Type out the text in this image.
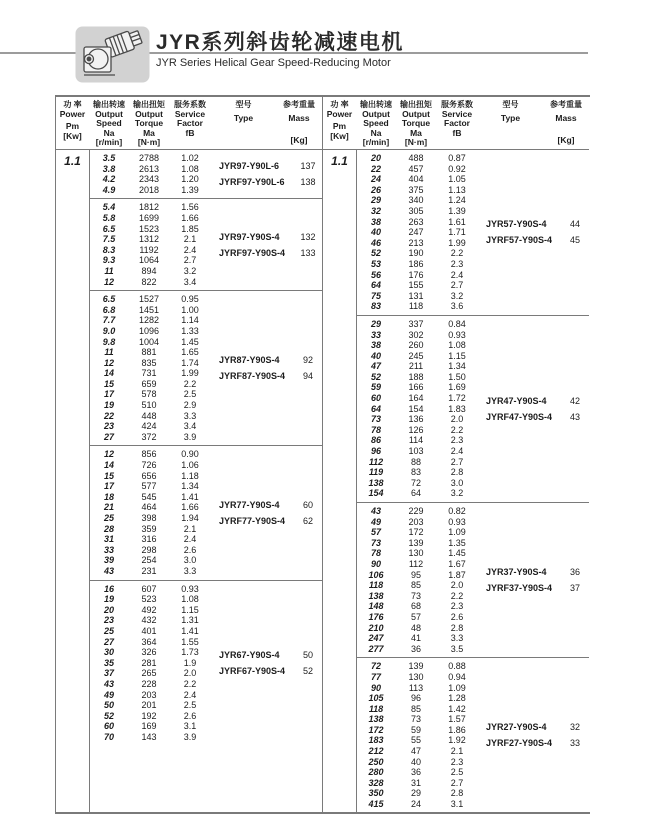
JYR系列斜齿轮减速电机
JYR Series Helical Gear Speed-Reducing Motor
功 率
Power
Pm
[Kw]
输出转速
Output
Speed
Na
[r/min]
输出扭矩
Output
Torque
Ma
[N·m]
服务系数
Service
Factor
fB
型号
Type
参考重量
Mass
[Kg]
1.1	3.5	2788	1.02
3.8	2613	1.08
4.2	2343	1.20
4.9	2018	1.39
JYR97-Y90L-6	137
JYRF97-Y90L-6	138
5.4	1812	1.56
5.8	1699	1.66
6.5	1523	1.85
7.5	1312	2.1
8.3	1192	2.4
9.3	1064	2.7
11	894	3.2
12	822	3.4
JYR97-Y90S-4	132
JYRF97-Y90S-4	133
6.5	1527	0.95
6.8	1451	1.00
7.7	1282	1.14
9.0	1096	1.33
9.8	1004	1.45
11	881	1.65
12	835	1.74
14	731	1.99
15	659	2.2
17	578	2.5
19	510	2.9
22	448	3.3
23	424	3.4
27	372	3.9
JYR87-Y90S-4	92
JYRF87-Y90S-4	94
12	856	0.90
14	726	1.06
15	656	1.18
17	577	1.34
18	545	1.41
21	464	1.66
25	398	1.94
28	359	2.1
31	316	2.4
33	298	2.6
39	254	3.0
43	231	3.3
JYR77-Y90S-4	60
JYRF77-Y90S-4	62
16	607	0.93
19	523	1.08
20	492	1.15
23	432	1.31
25	401	1.41
27	364	1.55
30	326	1.73
35	281	1.9
37	265	2.0
43	228	2.2
49	203	2.4
50	201	2.5
52	192	2.6
60	169	3.1
70	143	3.9
JYR67-Y90S-4	50
JYRF67-Y90S-4	52
功 率
Power
Pm
[Kw]
输出转速
Output
Speed
Na
[r/min]
输出扭矩
Output
Torque
Ma
[N·m]
服务系数
Service
Factor
fB
型号
Type
参考重量
Mass
[Kg]
1.1	20	488	0.87
22	457	0.92
24	404	1.05
26	375	1.13
29	340	1.24
32	305	1.39
38	263	1.61
40	247	1.71
46	213	1.99
52	190	2.2
53	186	2.3
56	176	2.4
64	155	2.7
75	131	3.2
83	118	3.6
JYR57-Y90S-4	44
JYRF57-Y90S-4	45
29	337	0.84
33	302	0.93
38	260	1.08
40	245	1.15
47	211	1.34
52	188	1.50
59	166	1.69
60	164	1.72
64	154	1.83
73	136	2.0
78	126	2.2
86	114	2.3
96	103	2.4
112	88	2.7
119	83	2.8
138	72	3.0
154	64	3.2
JYR47-Y90S-4	42
JYRF47-Y90S-4	43
43	229	0.82
49	203	0.93
57	172	1.09
73	139	1.35
78	130	1.45
90	112	1.67
106	95	1.87
118	85	2.0
138	73	2.2
148	68	2.3
176	57	2.6
210	48	2.8
247	41	3.3
277	36	3.5
JYR37-Y90S-4	36
JYRF37-Y90S-4	37
72	139	0.88
77	130	0.94
90	113	1.09
105	96	1.28
118	85	1.42
138	73	1.57
172	59	1.86
183	55	1.92
212	47	2.1
250	40	2.3
280	36	2.5
328	31	2.7
350	29	2.8
415	24	3.1
JYR27-Y90S-4	32
JYRF27-Y90S-4	33
